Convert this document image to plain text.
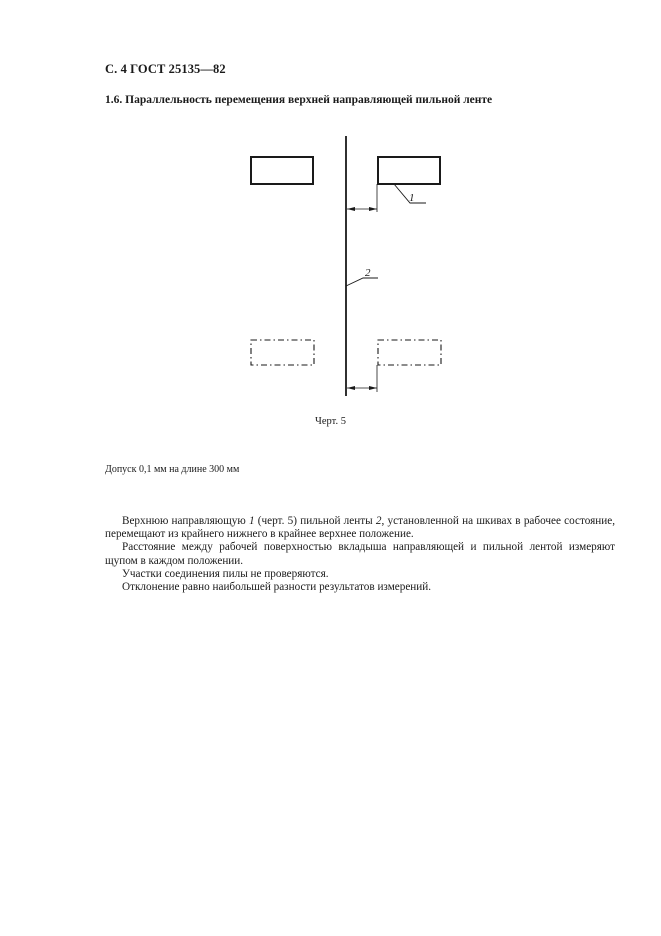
С. 4 ГОСТ 25135—82
1.6. Параллельность перемещения верхней направляющей пильной ленте
1
2
Черт. 5
Допуск 0,1 мм на длине 300 мм

Верхнюю направляющую 1 (черт. 5) пильной ленты 2, установленной на шкивах в рабочее состояние, перемещают из крайнего нижнего в крайнее верхнее положение.

Расстояние между рабочей поверхностью вкладыша направляющей и пильной лентой измеряют щупом в каждом положении.

Участки соединения пилы не проверяются.

Отклонение равно наибольшей разности результатов измерений.
